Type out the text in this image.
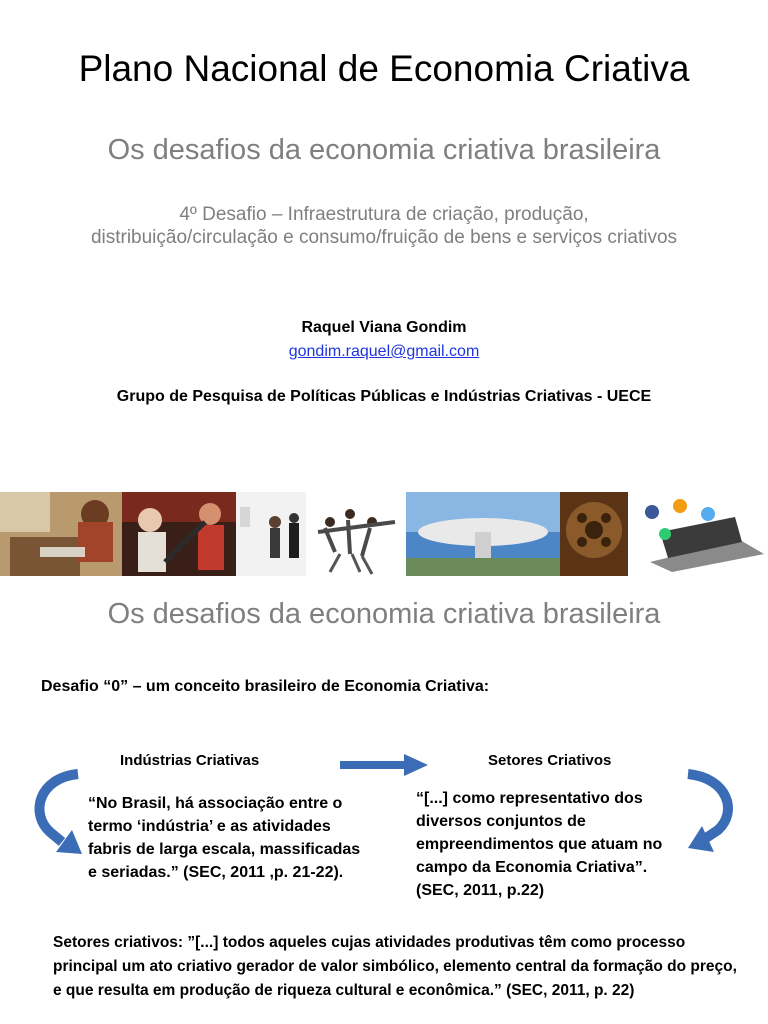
Plano Nacional de Economia Criativa
Os desafios da economia criativa brasileira
4º Desafio – Infraestrutura de criação, produção,
distribuição/circulação e consumo/fruição de bens e serviços criativos
Raquel Viana Gondim
gondim.raquel@gmail.com
Grupo de Pesquisa de Políticas Públicas e Indústrias Criativas - UECE
Os desafios da economia criativa brasileira
Desafio “0” – um conceito brasileiro de Economia Criativa:
Indústrias Criativas	Setores Criativos
“No Brasil, há associação entre o termo ‘indústria’ e as atividades fabris de larga escala, massificadas e seriadas.” (SEC, 2011 ,p. 21-22).
“[...] como representativo dos diversos conjuntos de empreendimentos que atuam no campo da Economia Criativa”.
(SEC, 2011, p.22)
Setores criativos: ”[...] todos aqueles cujas atividades produtivas têm como processo principal um ato criativo gerador de valor simbólico, elemento central da formação do preço, e que resulta em produção de riqueza cultural e econômica.” (SEC, 2011, p. 22)
